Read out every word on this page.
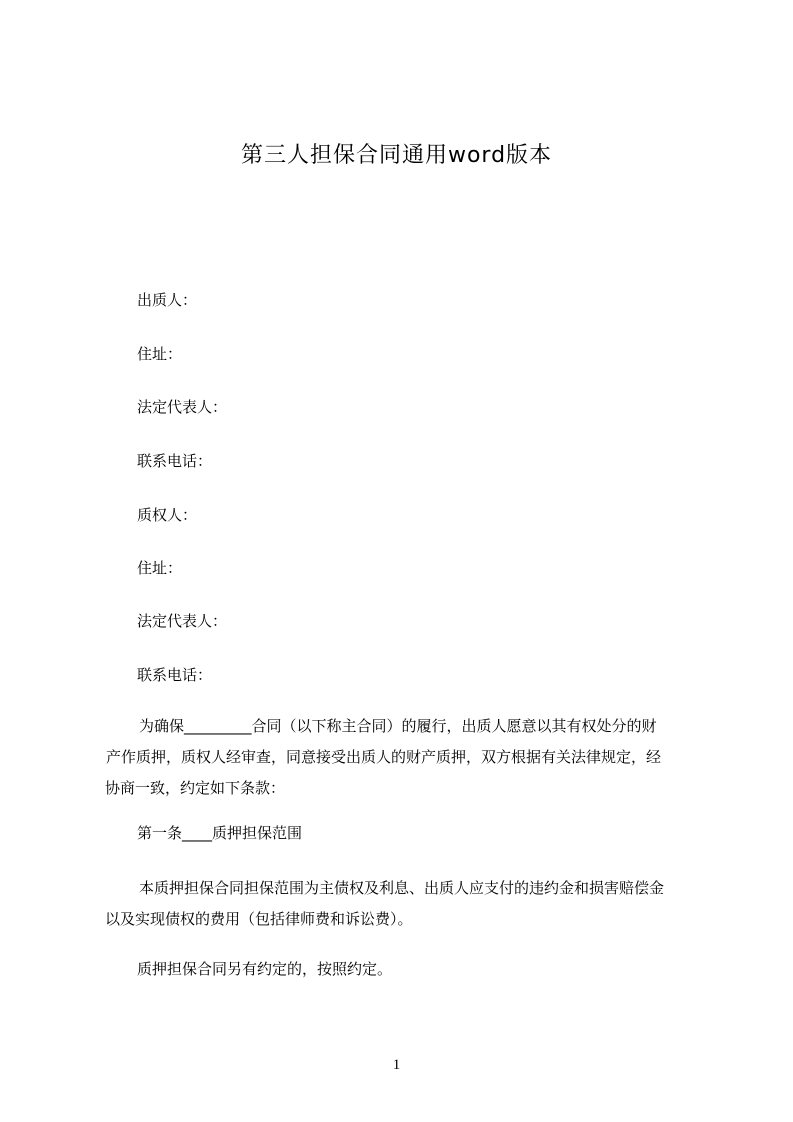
第三人担保合同通用word版本
出质人：
住址：
法定代表人：
联系电话：
质权人：
住址：
法定代表人：
联系电话：
为确保_________合同（以下称主合同）的履行，出质人愿意以其有权处分的财
产作质押，质权人经审查，同意接受出质人的财产质押，双方根据有关法律规定，经
协商一致，约定如下条款：
第一条____质押担保范围
本质押担保合同担保范围为主债权及利息、出质人应支付的违约金和损害赔偿金
以及实现债权的费用（包括律师费和诉讼费）。
质押担保合同另有约定的，按照约定。
1
